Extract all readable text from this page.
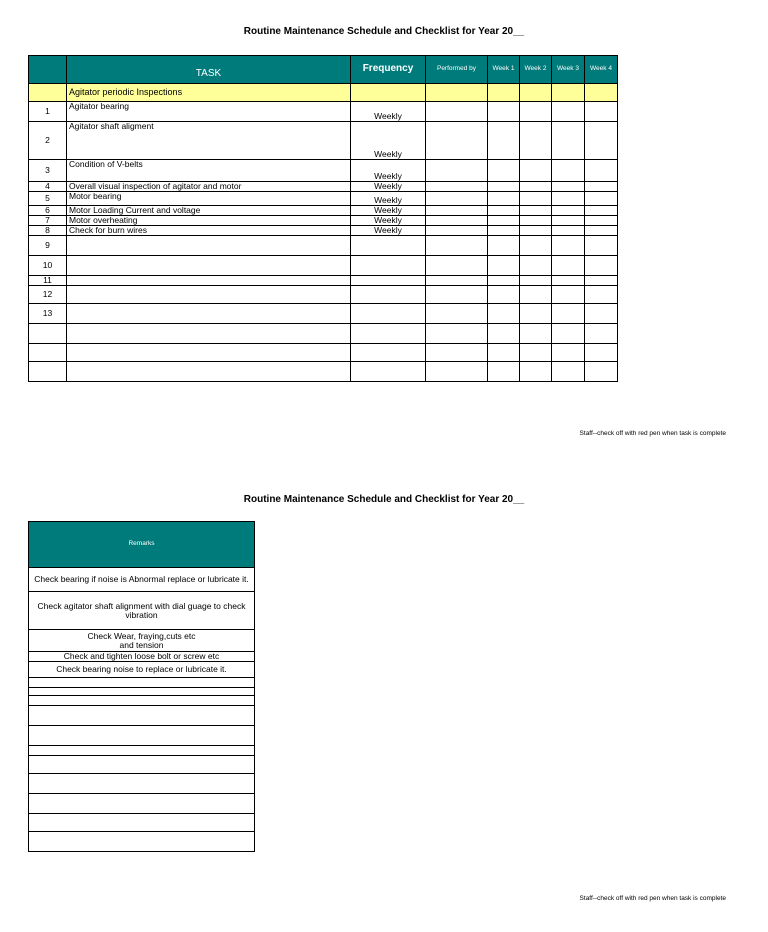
Routine Maintenance Schedule and Checklist for Year 20__
	TASK	Frequency	Performed by	Week 1	Week 2	Week 3	Week 4
	Agitator periodic Inspections						
1	Agitator bearing	Weekly					
2	Agitator shaft aligment	Weekly					
3	Condition of V-belts	Weekly					
4	Overall visual inspection of agitator and motor	Weekly					
5	Motor bearing	Weekly					
6	Motor Loading Current and voltage	Weekly					
7	Motor overheating	Weekly					
8	Check for burn wires	Weekly					
9							
10							
11							
12							
13							

Staff--check off with red pen when task is complete
Routine Maintenance Schedule and Checklist for Year 20__
Remarks
Check bearing if noise is Abnormal replace or lubricate it.
Check agitator shaft alignment with dial guage to check vibration
Check Wear, fraying,cuts etc
and tension
Check and tighten loose bolt or screw etc
Check bearing noise to replace or lubricate it.

Staff--check off with red pen when task is complete
